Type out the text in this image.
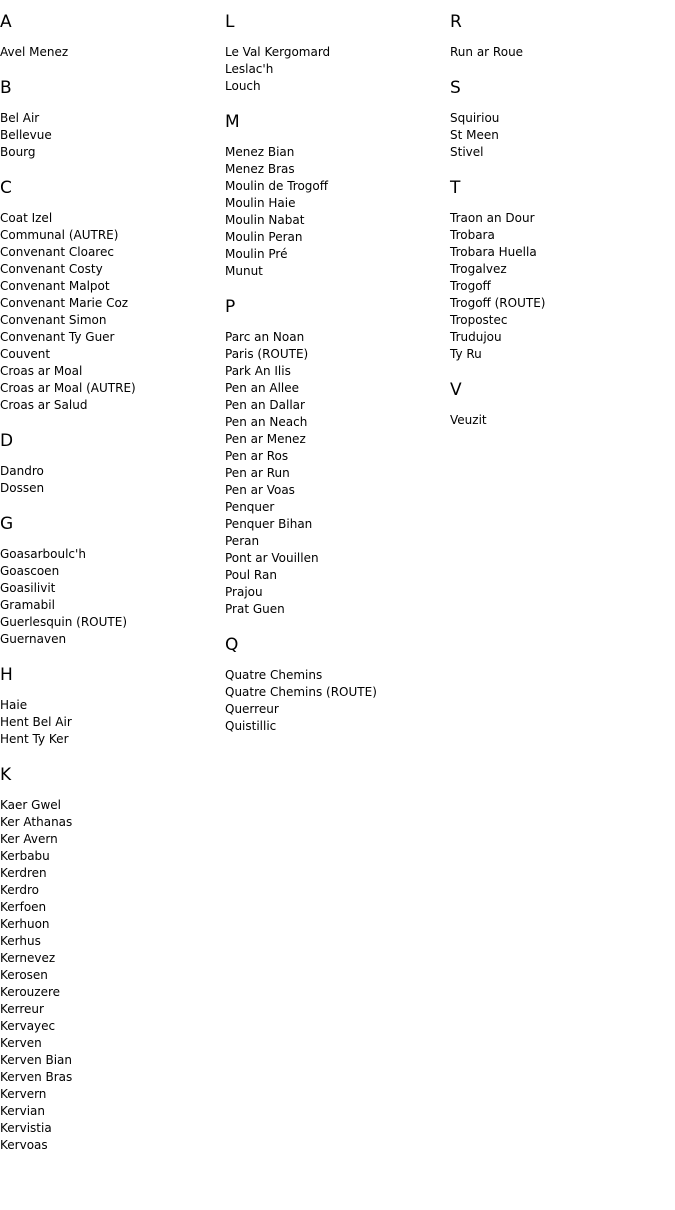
A
Avel Menez
B
Bel Air
Bellevue
Bourg
C
Coat Izel
Communal (AUTRE)
Convenant Cloarec
Convenant Costy
Convenant Malpot
Convenant Marie Coz
Convenant Simon
Convenant Ty Guer
Couvent
Croas ar Moal
Croas ar Moal (AUTRE)
Croas ar Salud
D
Dandro
Dossen
G
Goasarboulc'h
Goascoen
Goasilivit
Gramabil
Guerlesquin (ROUTE)
Guernaven
H
Haie
Hent Bel Air
Hent Ty Ker
K
Kaer Gwel
Ker Athanas
Ker Avern
Kerbabu
Kerdren
Kerdro
Kerfoen
Kerhuon
Kerhus
Kernevez
Kerosen
Kerouzere
Kerreur
Kervayec
Kerven
Kerven Bian
Kerven Bras
Kervern
Kervian
Kervistia
Kervoas
L
Le Val Kergomard
Leslac'h
Louch
M
Menez Bian
Menez Bras
Moulin de Trogoff
Moulin Haie
Moulin Nabat
Moulin Peran
Moulin Pré
Munut
P
Parc an Noan
Paris (ROUTE)
Park An Ilis
Pen an Allee
Pen an Dallar
Pen an Neach
Pen ar Menez
Pen ar Ros
Pen ar Run
Pen ar Voas
Penquer
Penquer Bihan
Peran
Pont ar Vouillen
Poul Ran
Prajou
Prat Guen
Q
Quatre Chemins
Quatre Chemins (ROUTE)
Querreur
Quistillic
R
Run ar Roue
S
Squiriou
St Meen
Stivel
T
Traon an Dour
Trobara
Trobara Huella
Trogalvez
Trogoff
Trogoff (ROUTE)
Tropostec
Trudujou
Ty Ru
V
Veuzit
